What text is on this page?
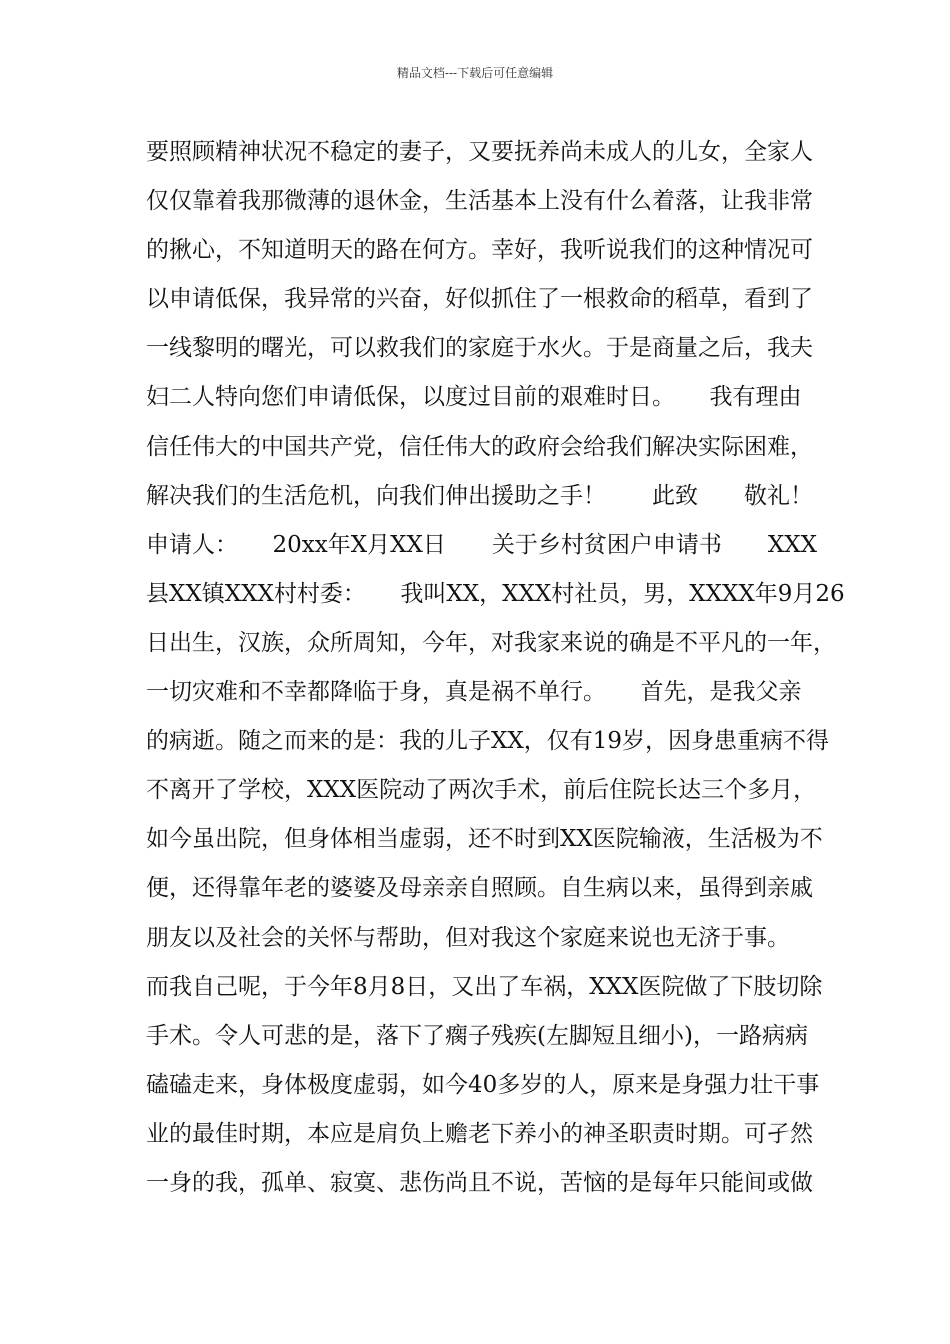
精品文档---下载后可任意编辑
要照顾精神状况不稳定的妻子，又要抚养尚未成人的儿女，全家人
仅仅靠着我那微薄的退休金，生活基本上没有什么着落，让我非常
的揪心，不知道明天的路在何方。幸好，我听说我们的这种情况可
以申请低保，我异常的兴奋，好似抓住了一根救命的稻草，看到了
一线黎明的曙光，可以救我们的家庭于水火。于是商量之后，我夫
妇二人特向您们申请低保，以度过目前的艰难时日。　　我有理由
信任伟大的中国共产党，信任伟大的政府会给我们解决实际困难，
解决我们的生活危机，向我们伸出援助之手！　　此致　　敬礼！
申请人：　　20xx年X月XX日　　关于乡村贫困户申请书　　XXX
县XX镇XXX村村委：　　我叫XX，XXX村社员，男，XXXX年9月26
日出生，汉族，众所周知，今年，对我家来说的确是不平凡的一年，
一切灾难和不幸都降临于身，真是祸不单行。　　首先，是我父亲
的病逝。随之而来的是：我的儿子XX，仅有19岁，因身患重病不得
不离开了学校，XXX医院动了两次手术，前后住院长达三个多月，
如今虽出院，但身体相当虚弱，还不时到XX医院输液，生活极为不
便，还得靠年老的婆婆及母亲亲自照顾。自生病以来，虽得到亲戚
朋友以及社会的关怀与帮助，但对我这个家庭来说也无济于事。
而我自己呢，于今年8月8日，又出了车祸，XXX医院做了下肢切除
手术。令人可悲的是，落下了瘸子残疾(左脚短且细小)，一路病病
磕磕走来，身体极度虚弱，如今40多岁的人，原来是身强力壮干事
业的最佳时期，本应是肩负上赡老下养小的神圣职责时期。可孑然
一身的我，孤单、寂寞、悲伤尚且不说，苦恼的是每年只能间或做
